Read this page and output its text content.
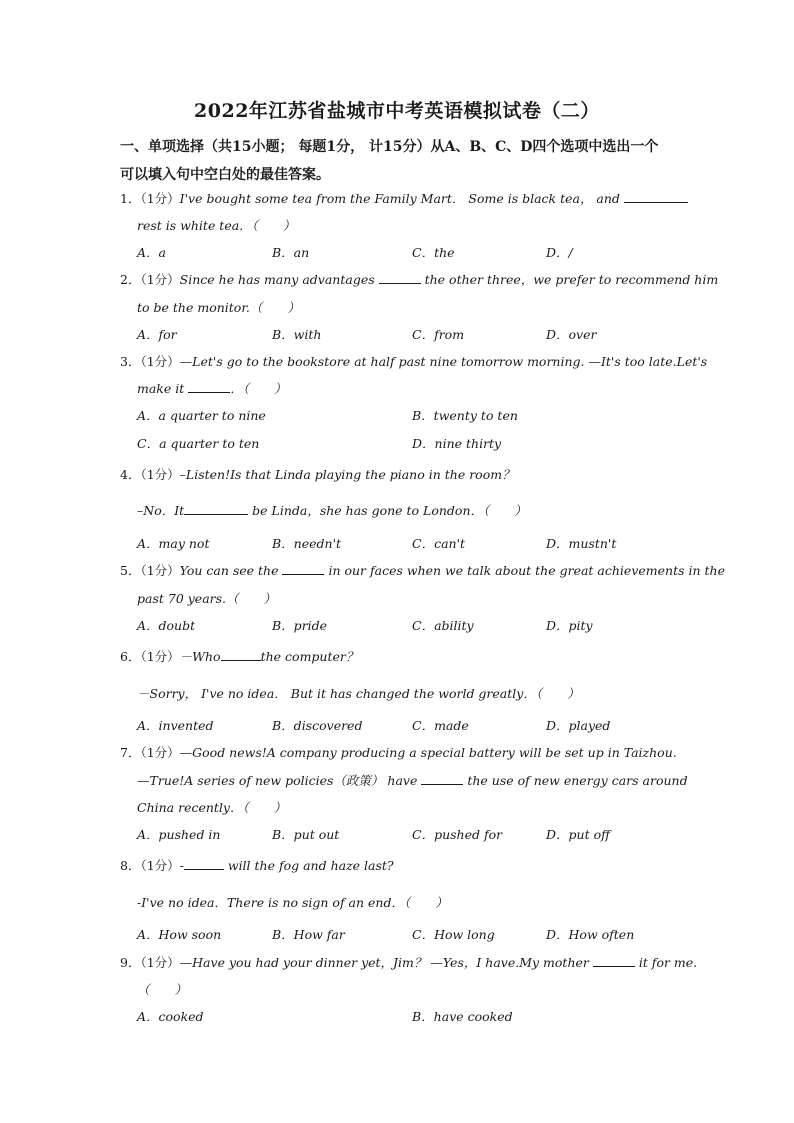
2022年江苏省盐城市中考英语模拟试卷（二）
一、单项选择（共15小题； 每题1分， 计15分）从A、B、C、D四个选项中选出一个
可以填入句中空白处的最佳答案。
1．（1分）I've bought some tea from the Family Mart． Some is black tea， and
rest is white tea．（　　）
A．a	B．an	C．the	D．/
2．（1分）Since he has many advantages	the other three，we prefer to recommend him
to be the monitor.（　　）
A．for	B．with	C．from	D．over
3．（1分）—Let's go to the bookstore at half past nine tomorrow morning. —It's too late.Let's
make it	．（　　）
A．a quarter to nine	B．twenty to ten
C．a quarter to ten	D．nine thirty
4．（1分）–Listen!Is that Linda playing the piano in the room？
–No．It	be Linda，she has gone to London．（　　）
A．may not	B．needn't	C．can't	D．mustn't
5．（1分）You can see the	in our faces when we talk about the great achievements in the
past 70 years.（　　）
A．doubt	B．pride	C．ability	D．pity
6．（1分）－Who	the computer？
－Sorry， I've no idea． But it has changed the world greatly．（　　）
A．invented	B．discovered	C．made	D．played
7．（1分）—Good news!A company producing a special battery will be set up in Taizhou.
—True!A series of new policies（政策） have	the use of new energy cars around
China recently．（　　）
A．pushed in	B．put out	C．pushed for	D．put off
8．（1分）-	will the fog and haze last?
-I've no idea．There is no sign of an end．（　　）
A．How soon	B．How far	C．How long	D．How often
9．（1分）—Have you had your dinner yet，Jim？ —Yes，I have.My mother	it for me.
（　　）
A．cooked	B．have cooked
